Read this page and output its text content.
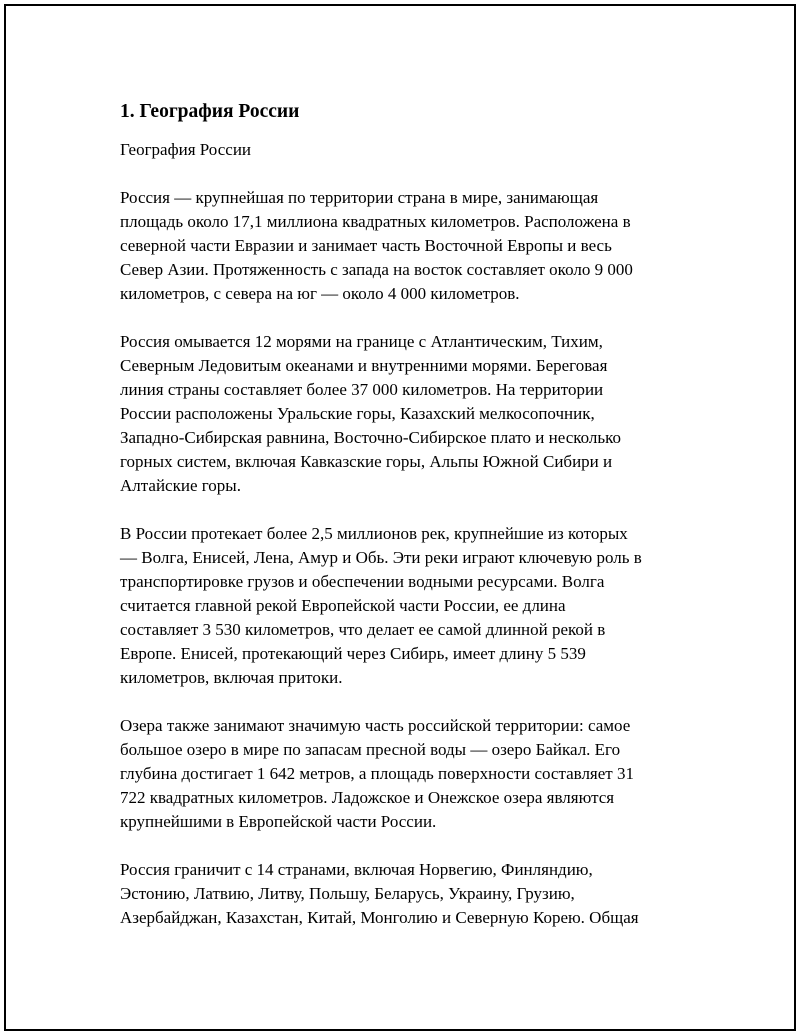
1. География России

География России

Россия — крупнейшая по территории страна в мире, занимающая
площадь около 17,1 миллиона квадратных километров. Расположена в
северной части Евразии и занимает часть Восточной Европы и весь
Север Азии. Протяженность с запада на восток составляет около 9 000
километров, с севера на юг — около 4 000 километров.

Россия омывается 12 морями на границе с Атлантическим, Тихим,
Северным Ледовитым океанами и внутренними морями. Береговая
линия страны составляет более 37 000 километров. На территории
России расположены Уральские горы, Казахский мелкосопочник,
Западно-Сибирская равнина, Восточно-Сибирское плато и несколько
горных систем, включая Кавказские горы, Альпы Южной Сибири и
Алтайские горы.

В России протекает более 2,5 миллионов рек, крупнейшие из которых
— Волга, Енисей, Лена, Амур и Обь. Эти реки играют ключевую роль в
транспортировке грузов и обеспечении водными ресурсами. Волга
считается главной рекой Европейской части России, ее длина
составляет 3 530 километров, что делает ее самой длинной рекой в
Европе. Енисей, протекающий через Сибирь, имеет длину 5 539
километров, включая притоки.

Озера также занимают значимую часть российской территории: самое
большое озеро в мире по запасам пресной воды — озеро Байкал. Его
глубина достигает 1 642 метров, а площадь поверхности составляет 31
722 квадратных километров. Ладожское и Онежское озера являются
крупнейшими в Европейской части России.

Россия граничит с 14 странами, включая Норвегию, Финляндию,
Эстонию, Латвию, Литву, Польшу, Беларусь, Украину, Грузию,
Азербайджан, Казахстан, Китай, Монголию и Северную Корею. Общая
